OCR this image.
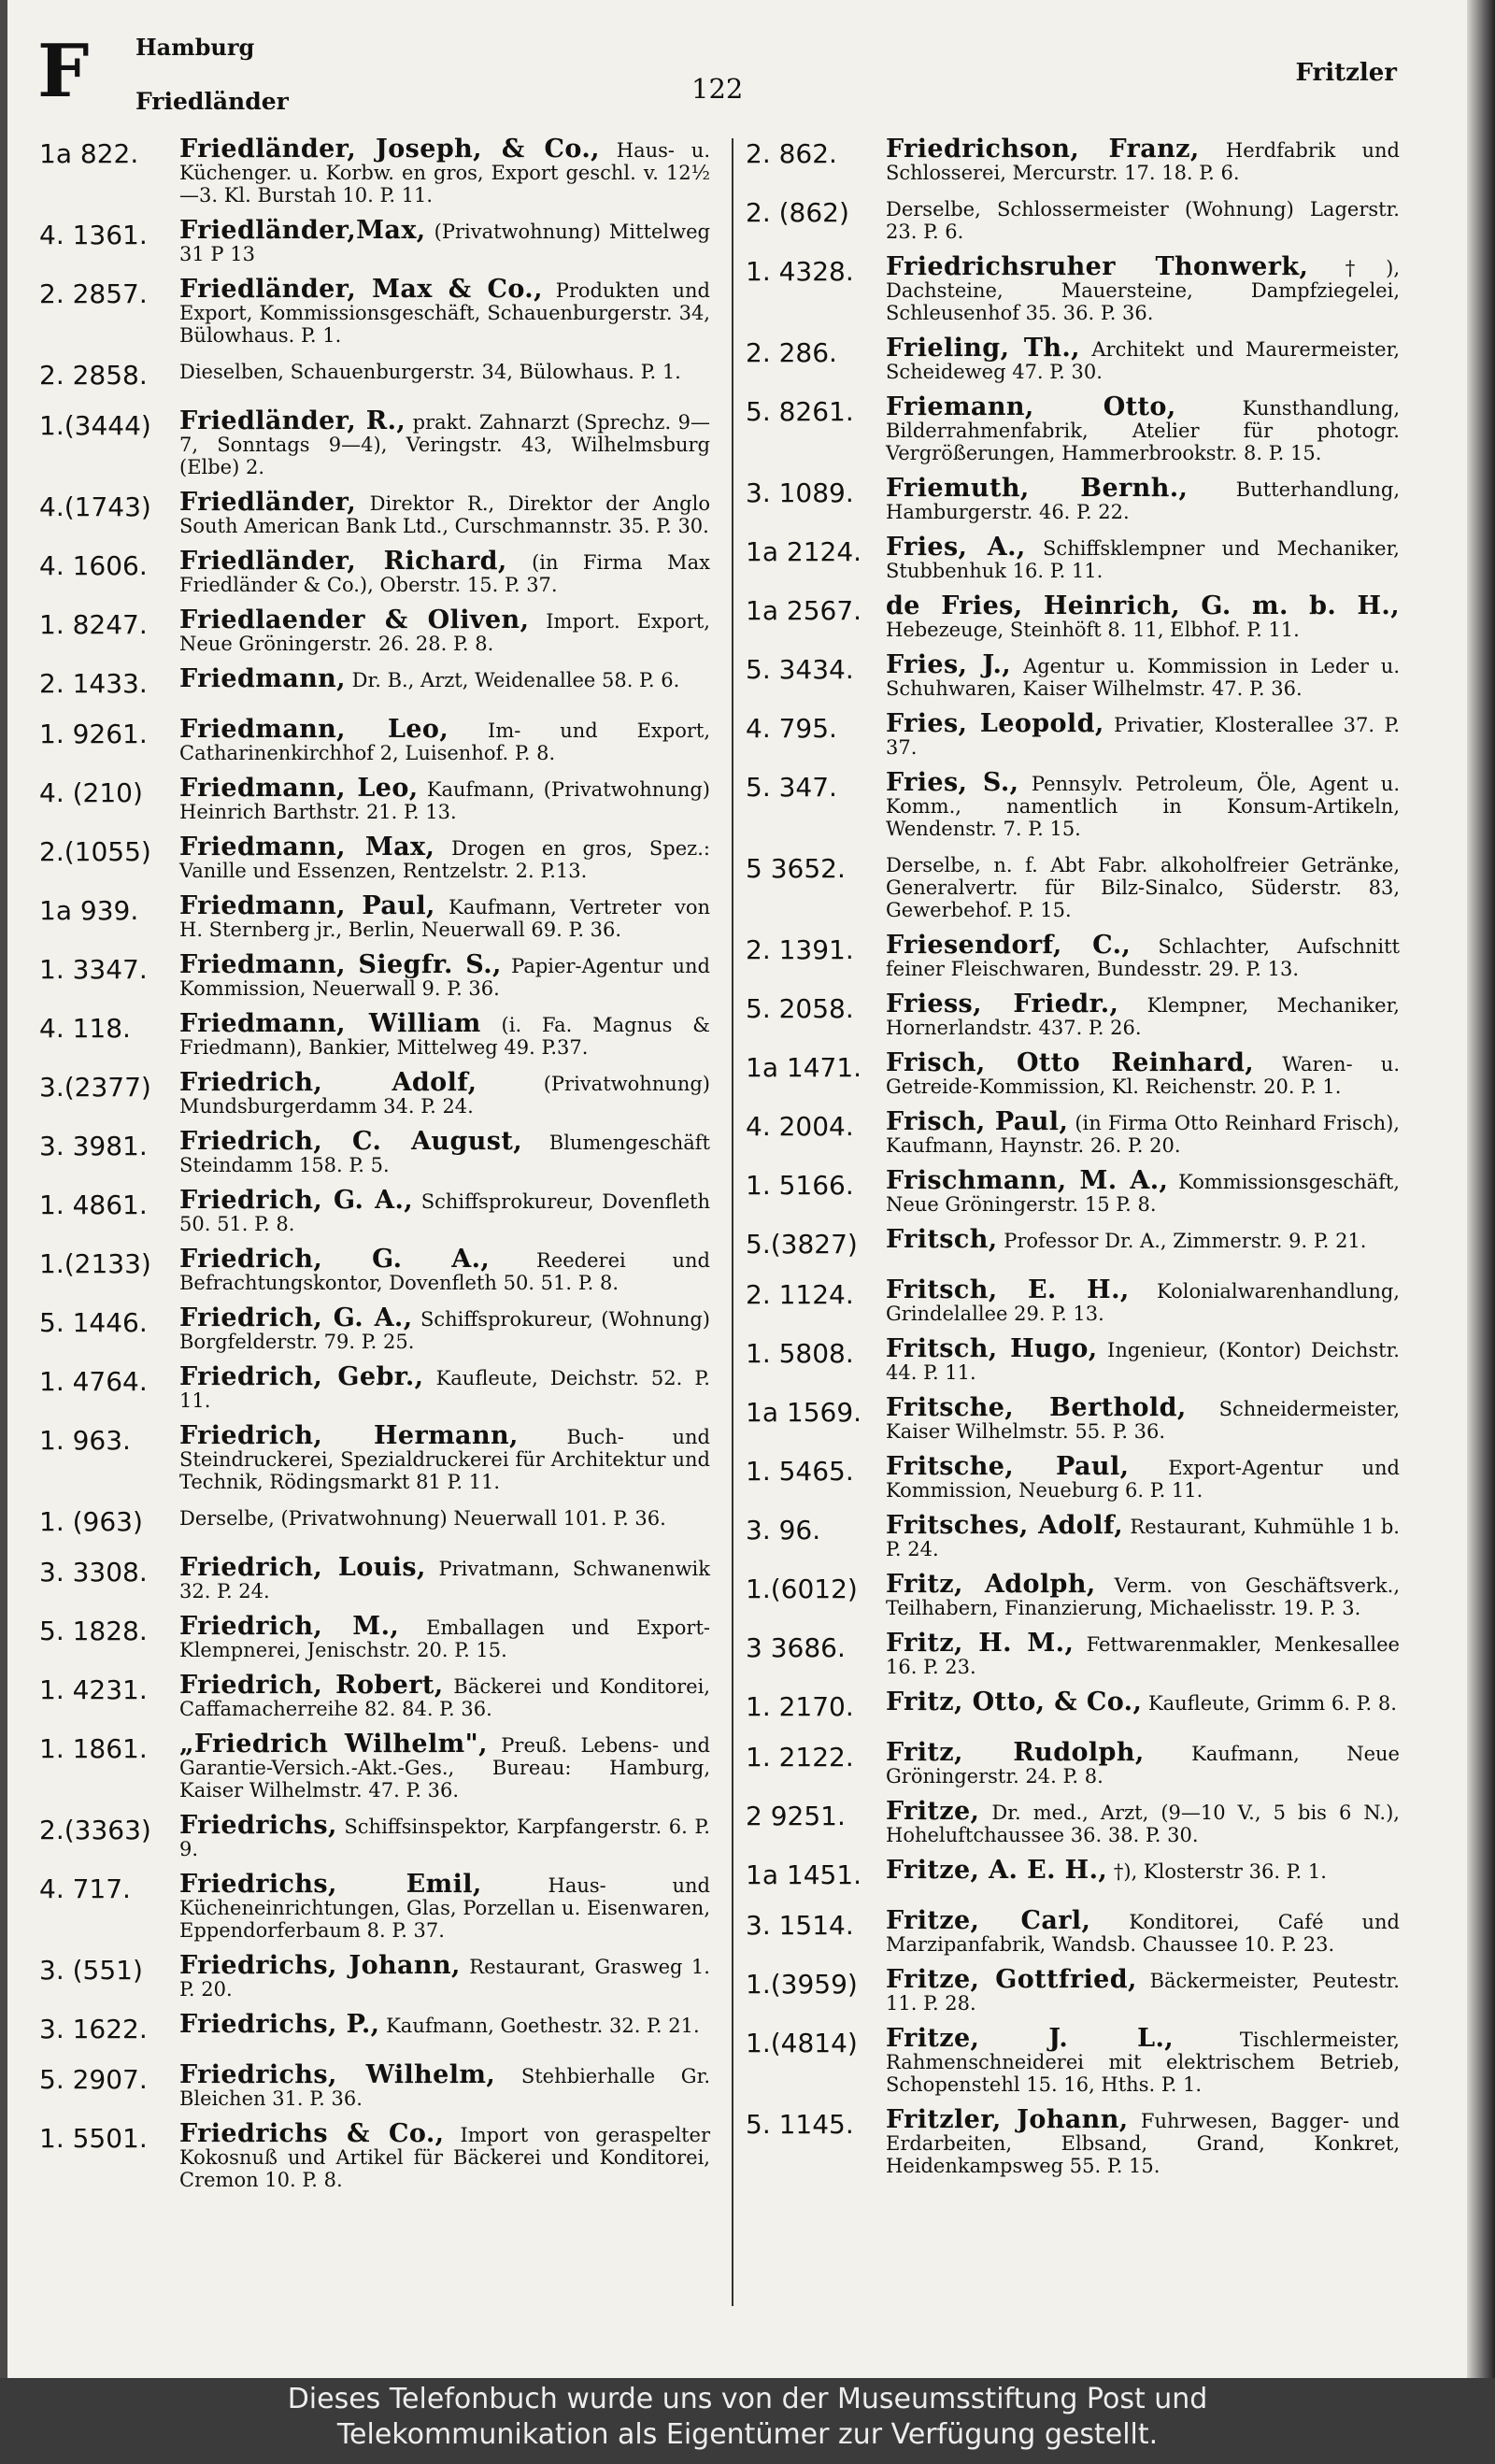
F Hamburg
Friedländer	122	Fritzler
1a 822. Friedländer, Joseph, & Co., Haus- u. Küchenger. u. Korbw. en gros, Export geschl. v. 12½—3. Kl. Burstah 10. P. 11.
4. 1361. Friedländer,Max, (Privatwohnung) Mittelweg 31 P 13
2. 2857. Friedländer, Max & Co., Produkten und Export, Kommissionsgeschäft, Schauenburgerstr. 34, Bülowhaus. P. 1.
2. 2858. Dieselben, Schauenburgerstr. 34, Bülowhaus. P. 1.
1.(3444) Friedländer, R., prakt. Zahnarzt (Sprechz. 9—7, Sonntags 9—4), Veringstr. 43, Wilhelmsburg (Elbe) 2.
4.(1743) Friedländer, Direktor R., Direktor der Anglo South American Bank Ltd., Curschmannstr. 35. P. 30.
4. 1606. Friedländer, Richard, (in Firma Max Friedländer & Co.), Oberstr. 15. P. 37.
1. 8247. Friedlaender & Oliven, Import. Export, Neue Gröningerstr. 26. 28. P. 8.
2. 1433. Friedmann, Dr. B., Arzt, Weidenallee 58. P. 6.
1. 9261. Friedmann, Leo, Im- und Export, Catharinenkirchhof 2, Luisenhof. P. 8.
4. (210) Friedmann, Leo, Kaufmann, (Privatwohnung) Heinrich Barthstr. 21. P. 13.
2.(1055) Friedmann, Max, Drogen en gros, Spez.: Vanille und Essenzen, Rentzelstr. 2. P.13.
1a 939. Friedmann, Paul, Kaufmann, Vertreter von H. Sternberg jr., Berlin, Neuerwall 69. P. 36.
1. 3347. Friedmann, Siegfr. S., Papier-Agentur und Kommission, Neuerwall 9. P. 36.
4. 118. Friedmann, William (i. Fa. Magnus & Friedmann), Bankier, Mittelweg 49. P.37.
3.(2377) Friedrich, Adolf,	(Privatwohnung) Mundsburgerdamm 34. P. 24.
3. 3981. Friedrich, C. August, Blumengeschäft Steindamm 158. P. 5.
1. 4861. Friedrich, G. A., Schiffsprokureur, Dovenfleth 50. 51. P. 8.
1.(2133) Friedrich, G. A., Reederei und Befrachtungskontor, Dovenfleth 50. 51. P. 8.
5. 1446. Friedrich, G. A., Schiffsprokureur, (Wohnung) Borgfelderstr. 79. P. 25.
1. 4764. Friedrich, Gebr., Kaufleute, Deichstr. 52. P. 11.
1. 963. Friedrich, Hermann, Buch- und Steindruckerei, Spezialdruckerei für Architektur und Technik, Rödingsmarkt 81 P. 11.
1. (963) Derselbe, (Privatwohnung) Neuerwall 101. P. 36.
3. 3308. Friedrich, Louis, Privatmann, Schwanenwik 32. P. 24.
5. 1828. Friedrich, M., Emballagen und Export-Klempnerei, Jenischstr. 20. P. 15.
1. 4231. Friedrich, Robert, Bäckerei und Konditorei, Caffamacherreihe 82. 84. P. 36.
1. 1861. „Friedrich Wilhelm", Preuß. Lebens- und Garantie-Versich.-Akt.-Ges., Bureau: Hamburg, Kaiser Wilhelmstr. 47. P. 36.
2.(3363) Friedrichs, Schiffsinspektor, Karpfangerstr. 6. P. 9.
4. 717. Friedrichs, Emil,	Haus- und Kücheneinrichtungen, Glas, Porzellan u. Eisenwaren, Eppendorferbaum 8. P. 37.
3. (551) Friedrichs, Johann, Restaurant, Grasweg 1. P. 20.
3. 1622. Friedrichs, P., Kaufmann, Goethestr. 32. P. 21.
5. 2907. Friedrichs, Wilhelm, Stehbierhalle Gr. Bleichen 31. P. 36.
1. 5501. Friedrichs & Co., Import von geraspelter Kokosnuß und Artikel für Bäckerei und Konditorei, Cremon 10. P. 8.
2. 862. Friedrichson, Franz, Herdfabrik und Schlosserei, Mercurstr. 17. 18. P. 6.
2. (862) Derselbe, Schlossermeister (Wohnung) Lagerstr. 23. P. 6.
1. 4328. Friedrichsruher Thonwerk, †), Dachsteine, Mauersteine, Dampfziegelei, Schleusenhof 35. 36. P. 36.
2. 286. Frieling, Th., Architekt und Maurermeister, Scheideweg 47. P. 30.
5. 8261. Friemann, Otto,	Kunsthandlung, Bilderrahmenfabrik, Atelier für photogr. Vergrößerungen, Hammerbrookstr. 8. P. 15.
3. 1089. Friemuth, Bernh., Butterhandlung, Hamburgerstr. 46. P. 22.
1a 2124. Fries, A., Schiffsklempner und Mechaniker, Stubbenhuk 16. P. 11.
1a 2567. de Fries, Heinrich, G. m. b. H., Hebezeuge, Steinhöft 8. 11, Elbhof. P. 11.
5. 3434. Fries, J., Agentur u. Kommission in Leder u. Schuhwaren, Kaiser Wilhelmstr. 47. P. 36.
4. 795. Fries, Leopold, Privatier, Klosterallee 37. P. 37.
5. 347. Fries, S., Pennsylv. Petroleum, Öle, Agent u. Komm., namentlich in Konsum-Artikeln, Wendenstr. 7. P. 15.
5 3652. Derselbe, n. f. Abt Fabr. alkoholfreier Getränke, Generalvertr. für Bilz-Sinalco, Süderstr. 83, Gewerbehof. P. 15.
2. 1391. Friesendorf, C., Schlachter, Aufschnitt feiner Fleischwaren, Bundesstr. 29. P. 13.
5. 2058. Friess, Friedr., Klempner, Mechaniker, Hornerlandstr. 437. P. 26.
1a 1471. Frisch, Otto Reinhard, Waren- u. Getreide-Kommission, Kl. Reichenstr. 20. P. 1.
4. 2004. Frisch, Paul, (in Firma Otto Reinhard Frisch), Kaufmann, Haynstr. 26. P. 20.
1. 5166. Frischmann, M. A., Kommissionsgeschäft, Neue Gröningerstr. 15 P. 8.
5.(3827) Fritsch, Professor Dr. A., Zimmerstr. 9. P. 21.
2. 1124. Fritsch, E. H., Kolonialwarenhandlung, Grindelallee 29. P. 13.
1. 5808. Fritsch, Hugo, Ingenieur, (Kontor) Deichstr. 44. P. 11.
1a 1569. Fritsche, Berthold, Schneidermeister, Kaiser Wilhelmstr. 55. P. 36.
1. 5465. Fritsche, Paul, Export-Agentur und Kommission, Neueburg 6. P. 11.
3. 96.	Fritsches, Adolf, Restaurant, Kuhmühle 1 b. P. 24.
1.(6012) Fritz, Adolph, Verm. von Geschäftsverk., Teilhabern, Finanzierung, Michaelisstr. 19. P. 3.
3 3686. Fritz, H. M., Fettwarenmakler, Menkesallee 16. P. 23.
1. 2170. Fritz, Otto, & Co., Kaufleute, Grimm 6. P. 8.
1. 2122. Fritz, Rudolph, Kaufmann, Neue Gröningerstr. 24. P. 8.
2 9251. Fritze, Dr. med., Arzt, (9—10 V., 5 bis 6 N.), Hoheluftchaussee 36. 38. P. 30.
1a 1451. Fritze, A. E. H., †), Klosterstr 36. P. 1.
3. 1514. Fritze, Carl, Konditorei, Café und Marzipanfabrik, Wandsb. Chaussee 10. P. 23.
1.(3959) Fritze, Gottfried, Bäckermeister, Peutestr. 11. P. 28.
1.(4814) Fritze, J. L.,	Tischlermeister, Rahmenschneiderei mit elektrischem Betrieb, Schopenstehl 15. 16, Hths. P. 1.
5. 1145. Fritzler, Johann, Fuhrwesen, Bagger- und Erdarbeiten, Elbsand, Grand, Konkret, Heidenkampsweg 55. P. 15.
Dieses Telefonbuch wurde uns von der Museumsstiftung Post und
Telekommunikation als Eigentümer zur Verfügung gestellt.
